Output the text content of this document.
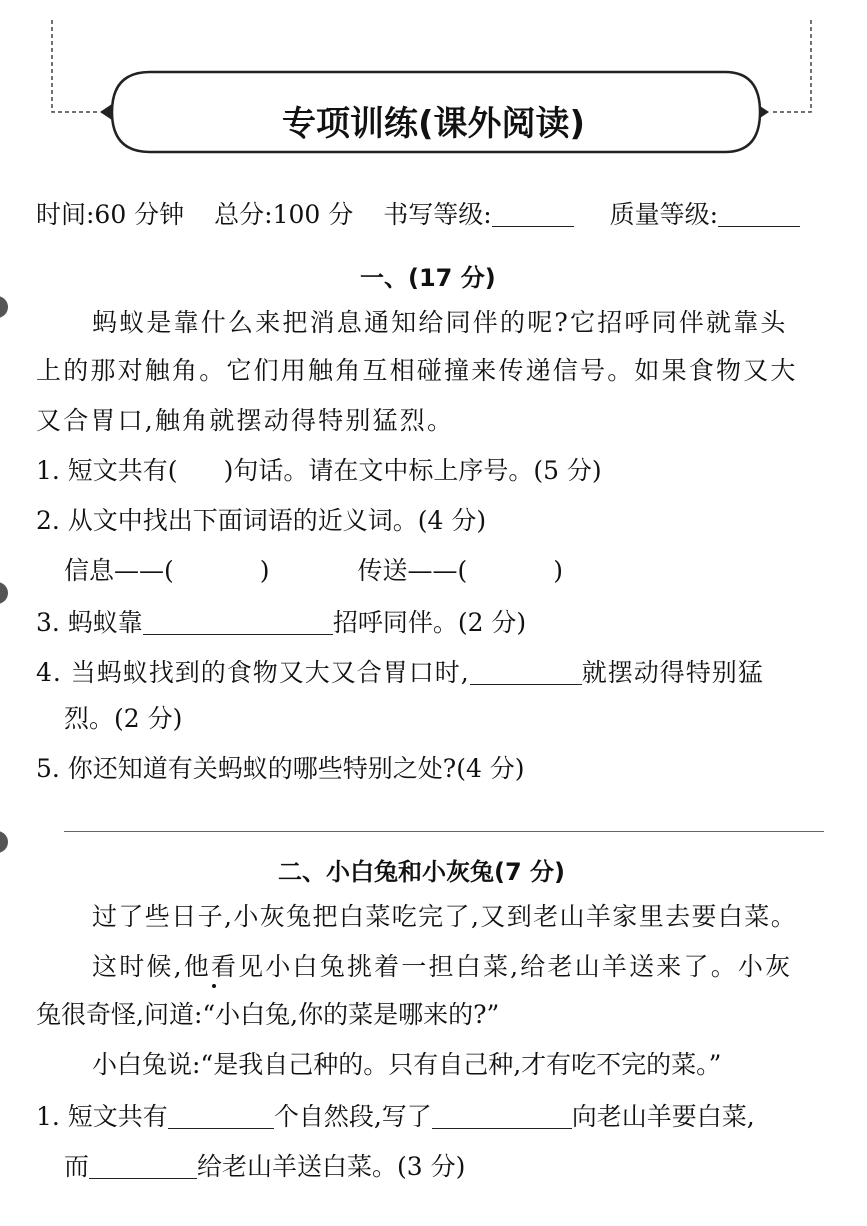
专项训练(课外阅读)
时间:60 分钟 总分:100 分 书写等级:	质量等级:
一、(17 分)
蚂蚁是靠什么来把消息通知给同伴的呢?它招呼同伴就靠头
上的那对触角。它们用触角互相碰撞来传递信号。如果食物又大
又合胃口,触角就摆动得特别猛烈。
1. 短文共有( )句话。请在文中标上序号。(5 分)
2. 从文中找出下面词语的近义词。(4 分)
信息——(	)	传送——(	)
3. 蚂蚁靠	招呼同伴。(2 分)
4. 当蚂蚁找到的食物又大又合胃口时,	就摆动得特别猛
烈。(2 分)
5. 你还知道有关蚂蚁的哪些特别之处?(4 分)
二、小白兔和小灰兔(7 分)
过了些日子,小灰兔把白菜吃完了,又到老山羊家里去要白菜。
这时候,他看见小白兔挑着一担白菜,给老山羊送来了。小灰
兔很奇怪,问道:“小白兔,你的菜是哪来的?”
小白兔说:“是我自己种的。只有自己种,才有吃不完的菜。”
1. 短文共有	个自然段,写了	向老山羊要白菜,
而	给老山羊送白菜。(3 分)
